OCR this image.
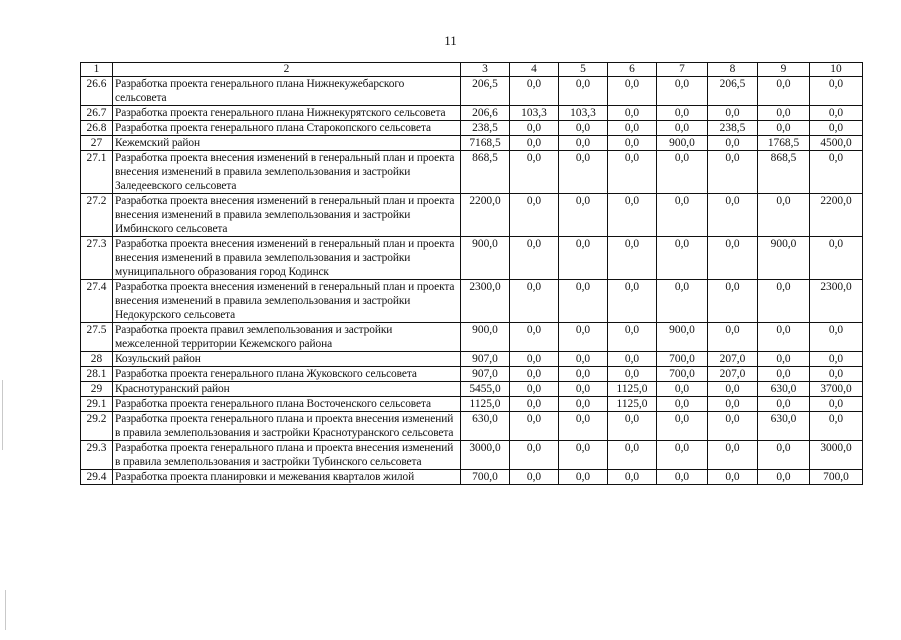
11
1	2	3	4	5	6	7	8	9	10
26.6	Разработка проекта генерального плана Нижнекужебарского сельсовета	206,5	0,0	0,0	0,0	0,0	206,5	0,0	0,0
26.7	Разработка проекта генерального плана Нижнекурятского сельсовета	206,6	103,3	103,3	0,0	0,0	0,0	0,0	0,0
26.8	Разработка проекта генерального плана Старокопского сельсовета	238,5	0,0	0,0	0,0	0,0	238,5	0,0	0,0
27	Кежемский район	7168,5	0,0	0,0	0,0	900,0	0,0	1768,5	4500,0
27.1	Разработка проекта внесения изменений в генеральный план и проекта внесения изменений в правила землепользования и застройки Заледеевского сельсовета	868,5	0,0	0,0	0,0	0,0	0,0	868,5	0,0
27.2	Разработка проекта внесения изменений в генеральный план и проекта внесения изменений в правила землепользования и застройки Имбинского сельсовета	2200,0	0,0	0,0	0,0	0,0	0,0	0,0	2200,0
27.3	Разработка проекта внесения изменений в генеральный план и проекта внесения изменений в правила землепользования и застройки муниципального образования город Кодинск	900,0	0,0	0,0	0,0	0,0	0,0	900,0	0,0
27.4	Разработка проекта внесения изменений в генеральный план и проекта внесения изменений в правила землепользования и застройки Недокурского сельсовета	2300,0	0,0	0,0	0,0	0,0	0,0	0,0	2300,0
27.5	Разработка проекта правил землепользования и застройки межселенной территории Кежемского района	900,0	0,0	0,0	0,0	900,0	0,0	0,0	0,0
28	Козульский район	907,0	0,0	0,0	0,0	700,0	207,0	0,0	0,0
28.1	Разработка проекта генерального плана Жуковского сельсовета	907,0	0,0	0,0	0,0	700,0	207,0	0,0	0,0
29	Краснотуранский район	5455,0	0,0	0,0	1125,0	0,0	0,0	630,0	3700,0
29.1	Разработка проекта генерального плана Восточенского сельсовета	1125,0	0,0	0,0	1125,0	0,0	0,0	0,0	0,0
29.2	Разработка проекта генерального плана и проекта внесения изменений в правила землепользования и застройки Краснотуранского сельсовета	630,0	0,0	0,0	0,0	0,0	0,0	630,0	0,0
29.3	Разработка проекта генерального плана и проекта внесения изменений в правила землепользования и застройки Тубинского сельсовета	3000,0	0,0	0,0	0,0	0,0	0,0	0,0	3000,0
29.4	Разработка проекта планировки и межевания кварталов жилой	700,0	0,0	0,0	0,0	0,0	0,0	0,0	700,0
